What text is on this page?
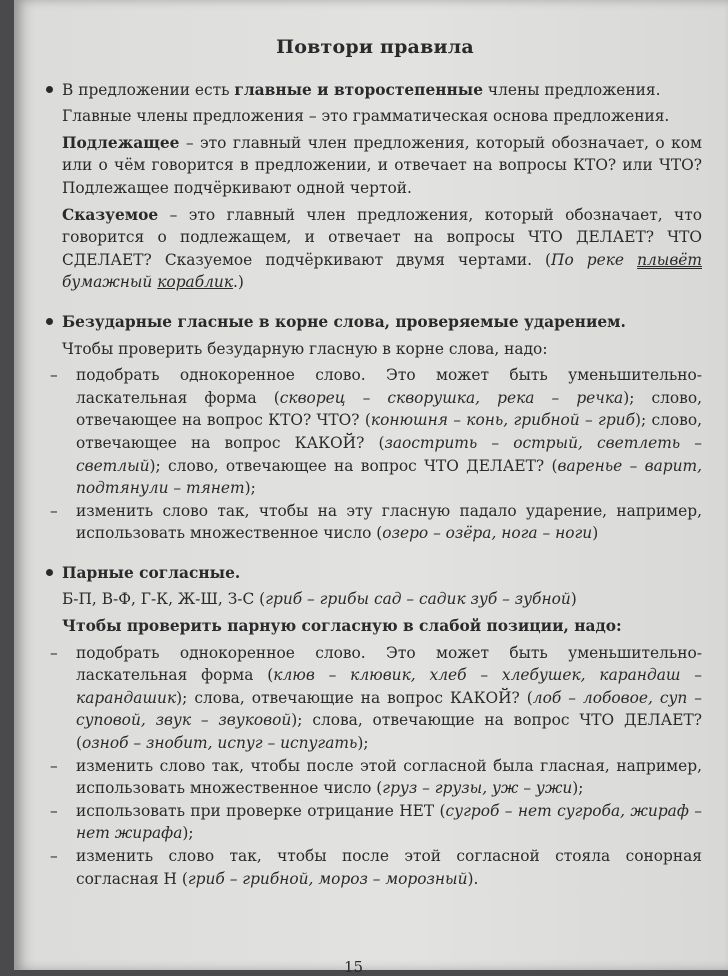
Повтори правила

В предложении есть главные и второстепенные члены предложения.

Главные члены предложения – это грамматическая основа предложения.

Подлежащее – это главный член предложения, который обозначает, о ком или о чём говорится в предложении, и отвечает на вопросы КТО? или ЧТО? Подлежащее подчёркивают одной чертой.

Сказуемое – это главный член предложения, который обозначает, что говорится о подлежащем, и отвечает на вопросы ЧТО ДЕЛАЕТ? ЧТО СДЕЛАЕТ? Сказуемое подчёркивают двумя чертами. (По реке плывёт бумажный кораблик.)

Безударные гласные в корне слова, проверяемые ударением.

Чтобы проверить безударную гласную в корне слова, надо:

– подобрать однокоренное слово. Это может быть уменьшительно-ласкательная форма (скворец – скворушка, река – речка); слово, отвечающее на вопрос КТО? ЧТО? (конюшня – конь, грибной – гриб); слово, отвечающее на вопрос КАКОЙ? (заострить – острый, светлеть – светлый); слово, отвечающее на вопрос ЧТО ДЕЛАЕТ? (варенье – варит, подтянули – тянет);
– изменить слово так, чтобы на эту гласную падало ударение, например, использовать множественное число (озеро – озёра, нога – ноги)

Парные согласные.

Б-П, В-Ф, Г-К, Ж-Ш, З-С (гриб – грибы сад – садик зуб – зубной)

Чтобы проверить парную согласную в слабой позиции, надо:

– подобрать однокоренное слово. Это может быть уменьшительно-ласкательная форма (клюв – клювик, хлеб – хлебушек, карандаш – карандашик); слова, отвечающие на вопрос КАКОЙ? (лоб – лобовое, суп – суповой, звук – звуковой); слова, отвечающие на вопрос ЧТО ДЕЛАЕТ? (озноб – знобит, испуг – испугать);
– изменить слово так, чтобы после этой согласной была гласная, например, использовать множественное число (груз – грузы, уж – ужи);
– использовать при проверке отрицание НЕТ (сугроб – нет сугроба, жираф – нет жирафа);
– изменить слово так, чтобы после этой согласной стояла сонорная согласная Н (гриб – грибной, мороз – морозный).
15
